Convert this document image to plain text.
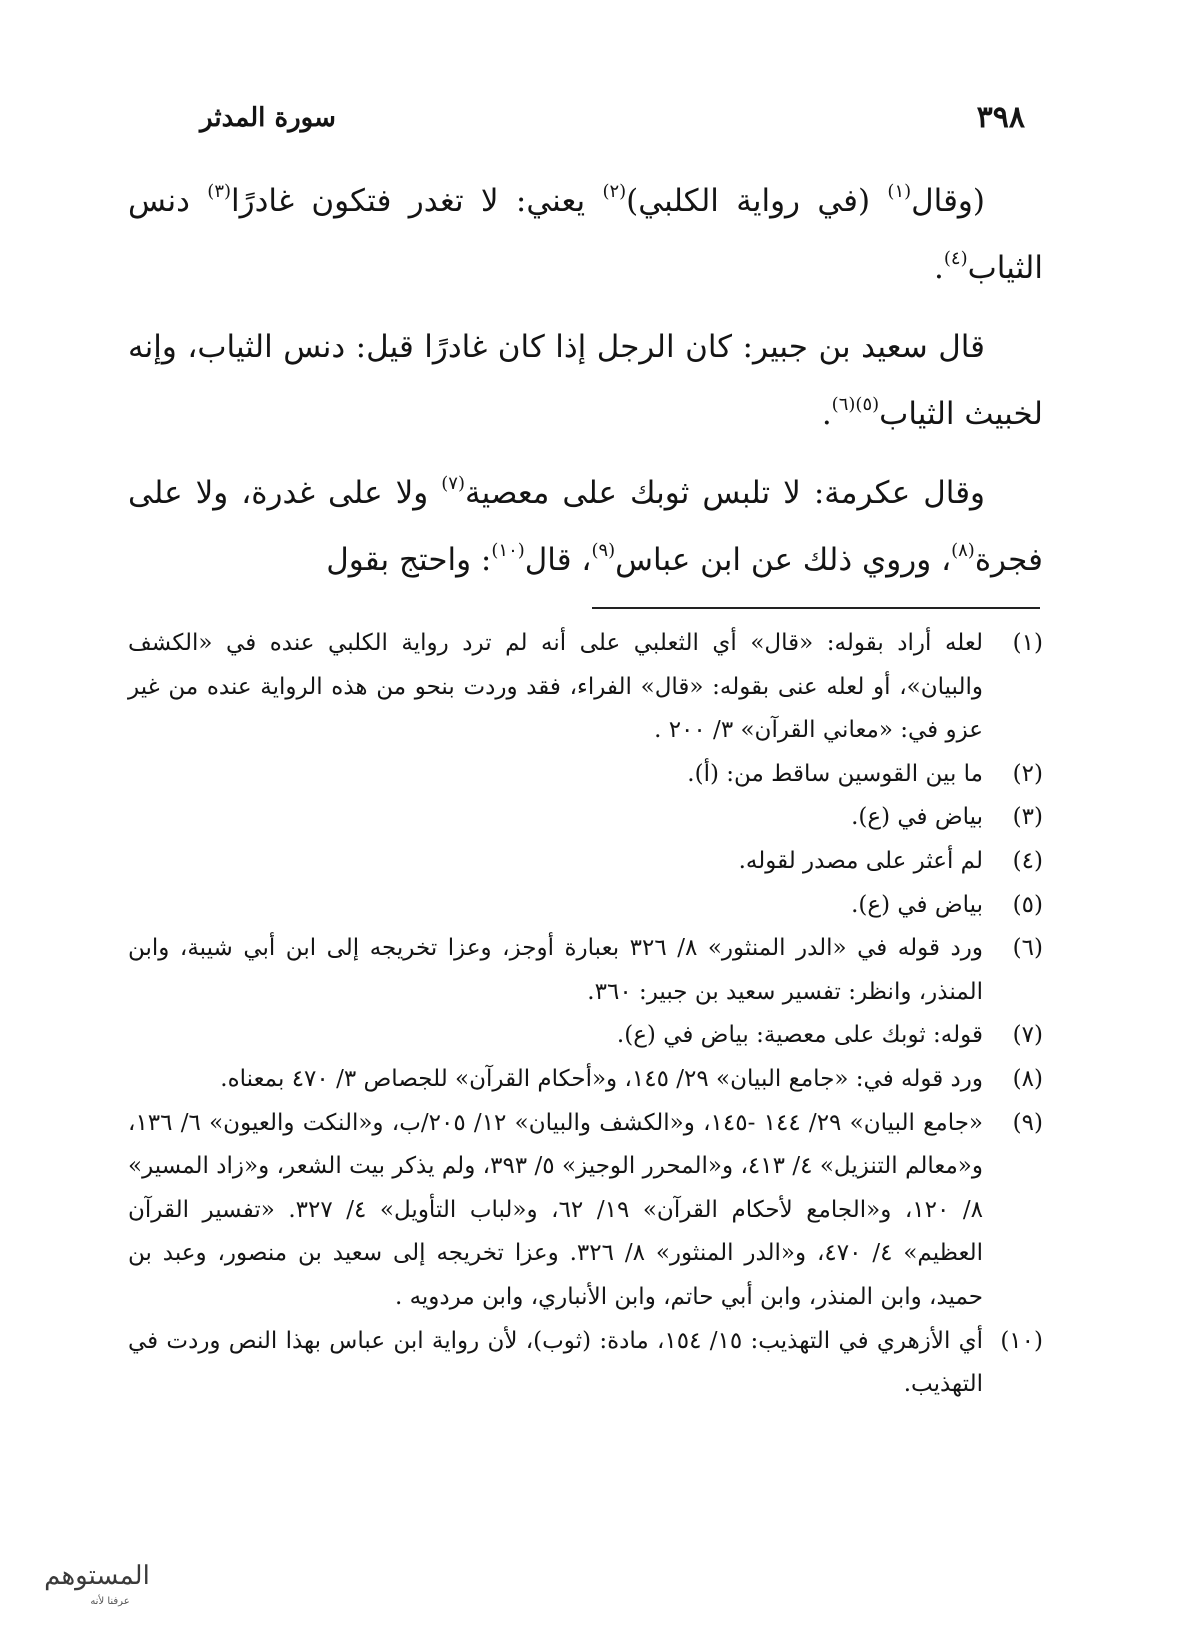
٣٩٨
سورة المدثر

(وقال$^{(١)}$ (في رواية الكلبي)$^{(٢)}$ يعني: لا تغدر فتكون غادرًا$^{(٣)}$ دنس الثياب$^{(٤)}$.

قال سعيد بن جبير: كان الرجل إذا كان غادرًا قيل: دنس الثياب، وإنه لخبيث الثياب$^{(٥)(٦)}$.

وقال عكرمة: لا تلبس ثوبك على معصية$^{(٧)}$ ولا على غدرة، ولا على فجرة$^{(٨)}$، وروي ذلك عن ابن عباس$^{(٩)}$، قال$^{(١٠)}$: واحتج بقول

(١)
لعله أراد بقوله: «قال» أي الثعلبي على أنه لم ترد رواية الكلبي عنده في «الكشف والبيان»، أو لعله عنى بقوله: «قال» الفراء، فقد وردت بنحو من هذه الرواية عنده من غير عزو في: «معاني القرآن» ٣/ ٢٠٠ .
(٢)
ما بين القوسين ساقط من: (أ).
(٣)
بياض في (ع).
(٤)
لم أعثر على مصدر لقوله.
(٥)
بياض في (ع).
(٦)
ورد قوله في «الدر المنثور» ٨/ ٣٢٦ بعبارة أوجز، وعزا تخريجه إلى ابن أبي شيبة، وابن المنذر، وانظر: تفسير سعيد بن جبير: ٣٦٠.
(٧)
قوله: ثوبك على معصية: بياض في (ع).
(٨)
ورد قوله في: «جامع البيان» ٢٩/ ١٤٥، و«أحكام القرآن» للجصاص ٣/ ٤٧٠ بمعناه.
(٩)
«جامع البيان» ٢٩/ ١٤٤ -١٤٥، و«الكشف والبيان» ١٢/ ٢٠٥/ب، و«النكت والعيون» ٦/ ١٣٦، و«معالم التنزيل» ٤/ ٤١٣، و«المحرر الوجيز» ٥/ ٣٩٣، ولم يذكر بيت الشعر، و«زاد المسير» ٨/ ١٢٠، و«الجامع لأحكام القرآن» ١٩/ ٦٢، و«لباب التأويل» ٤/ ٣٢٧. «تفسير القرآن العظيم» ٤/ ٤٧٠، و«الدر المنثور» ٨/ ٣٢٦. وعزا تخريجه إلى سعيد بن منصور، وعبد بن حميد، وابن المنذر، وابن أبي حاتم، وابن الأنباري، وابن مردويه .
(١٠)
أي الأزهري في التهذيب: ١٥/ ١٥٤، مادة: (ثوب)، لأن رواية ابن عباس بهذا النص وردت في التهذيب.
المستوهم
عرفنا لأنه
